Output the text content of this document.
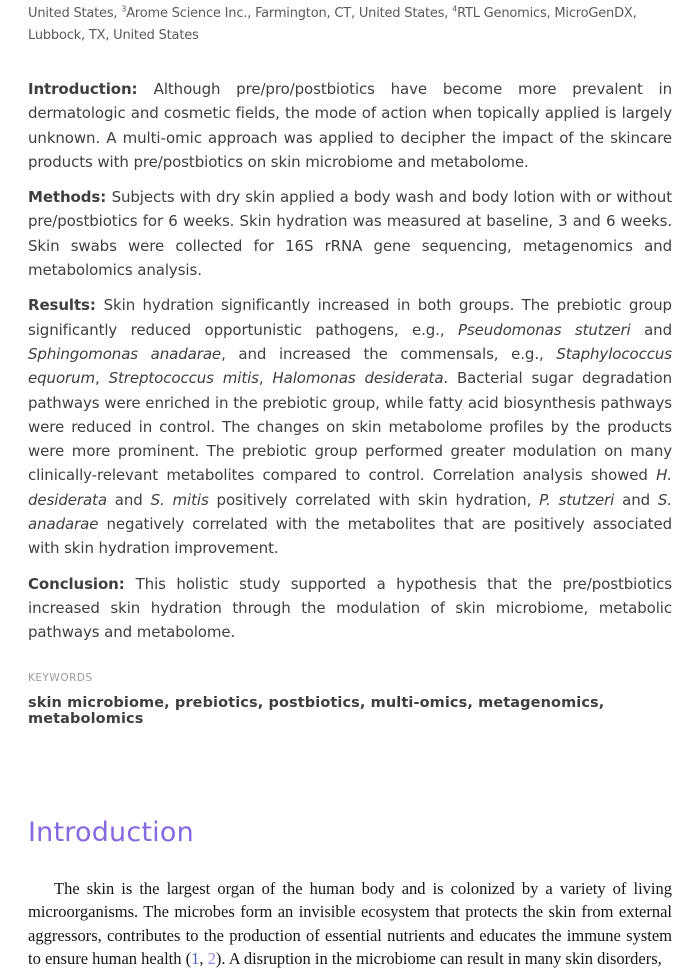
United States, $^3$Arome Science Inc., Farmington, CT, United States, $^4$RTL Genomics, MicroGenDX, Lubbock, TX, United States

Introduction: Although pre/pro/postbiotics have become more prevalent in dermatologic and cosmetic fields, the mode of action when topically applied is largely unknown. A multi-omic approach was applied to decipher the impact of the skincare products with pre/postbiotics on skin microbiome and metabolome.

Methods: Subjects with dry skin applied a body wash and body lotion with or without pre/postbiotics for 6 weeks. Skin hydration was measured at baseline, 3 and 6 weeks. Skin swabs were collected for 16S rRNA gene sequencing, metagenomics and metabolomics analysis.

Results: Skin hydration significantly increased in both groups. The prebiotic group significantly reduced opportunistic pathogens, e.g., Pseudomonas stutzeri and Sphingomonas anadarae, and increased the commensals, e.g., Staphylococcus equorum, Streptococcus mitis, Halomonas desiderata. Bacterial sugar degradation pathways were enriched in the prebiotic group, while fatty acid biosynthesis pathways were reduced in control. The changes on skin metabolome profiles by the products were more prominent. The prebiotic group performed greater modulation on many clinically-relevant metabolites compared to control. Correlation analysis showed H. desiderata and S. mitis positively correlated with skin hydration, P. stutzeri and S. anadarae negatively correlated with the metabolites that are positively associated with skin hydration improvement.

Conclusion: This holistic study supported a hypothesis that the pre/postbiotics increased skin hydration through the modulation of skin microbiome, metabolic pathways and metabolome.

KEYWORDS
skin microbiome, prebiotics, postbiotics, multi-omics, metagenomics, metabolomics
Introduction

The skin is the largest organ of the human body and is colonized by a variety of living microorganisms. The microbes form an invisible ecosystem that protects the skin from external aggressors, contributes to the production of essential nutrients and educates the immune system to ensure human health (1, 2). A disruption in the microbiome can result in many skin disorders,
